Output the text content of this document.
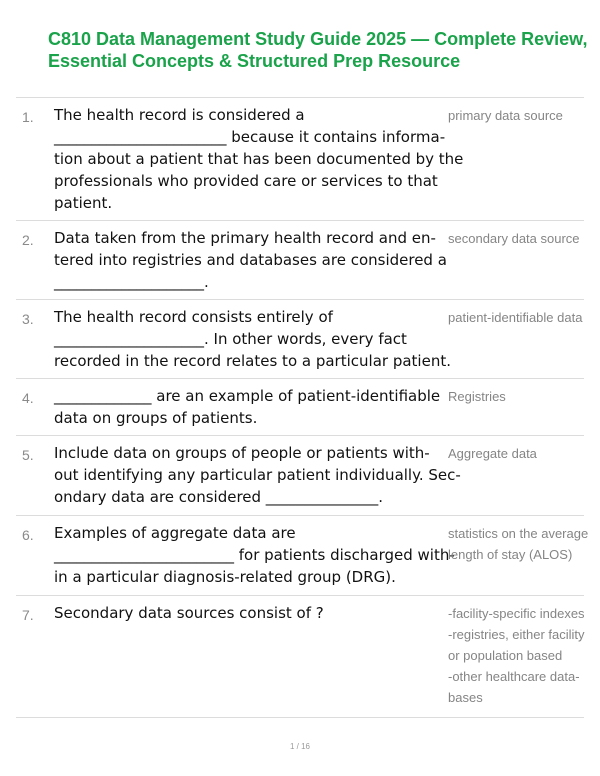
C810 Data Management Study Guide 2025 — Complete Review,
Essential Concepts & Structured Prep Resource
1. The health record is considered a
_______________________ because it contains informa-
tion about a patient that has been documented by the
professionals who provided care or services to that
patient.
primary data source
2. Data taken from the primary health record and en-
tered into registries and databases are considered a
____________________.
secondary data source
3. The health record consists entirely of
____________________. In other words, every fact
recorded in the record relates to a particular patient.
patient-identifiable data
4. _____________ are an example of patient-identifiable
data on groups of patients.
Registries
5. Include data on groups of people or patients with-
out identifying any particular patient individually. Sec-
ondary data are considered _______________.
Aggregate data
6. Examples of aggregate data are
________________________ for patients discharged with-
in a particular diagnosis-related group (DRG).
statistics on the average
length of stay (ALOS)
7. Secondary data sources consist of ?	-facility-specific indexes
-registries, either facility
or population based
-other healthcare data-
bases
1 / 16
